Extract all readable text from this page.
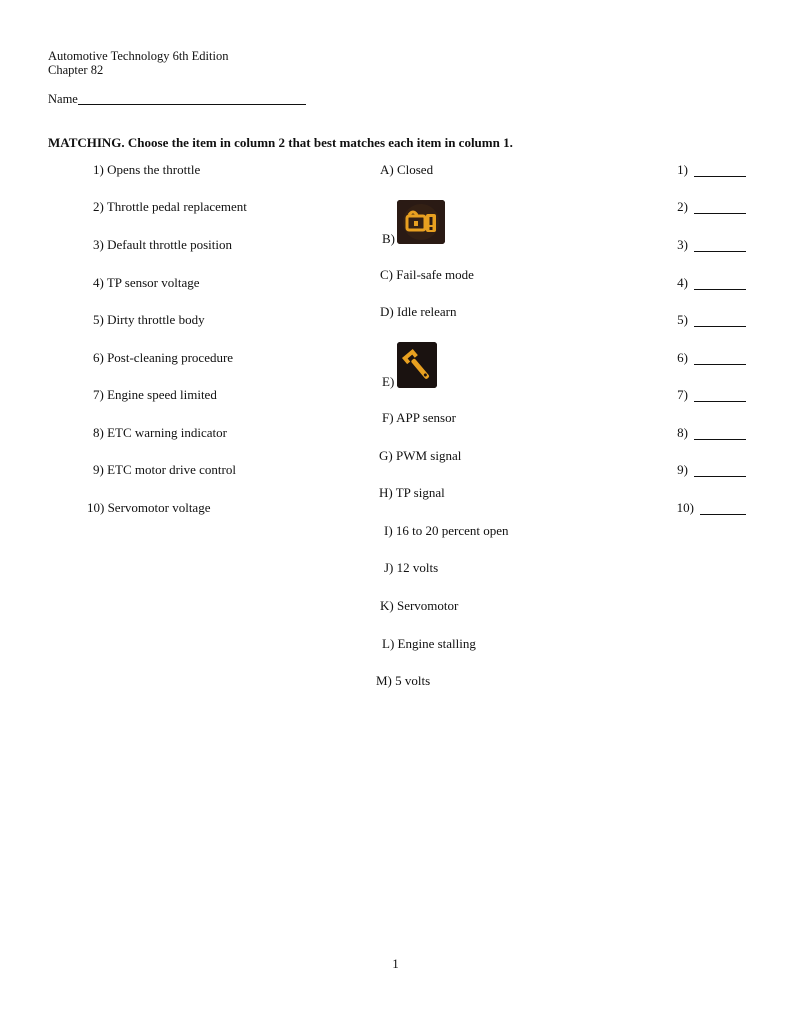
Automotive Technology 6th Edition
Chapter 82
Name
MATCHING. Choose the item in column 2 that best matches each item in column 1.
1) Opens the throttle
2) Throttle pedal replacement
3) Default throttle position
4) TP sensor voltage
5) Dirty throttle body
6) Post-cleaning procedure
7) Engine speed limited
8) ETC warning indicator
9) ETC motor drive control
10) Servomotor voltage
A) Closed
B)
C) Fail-safe mode
D) Idle relearn
E)
F) APP sensor
G) PWM signal
H) TP signal
I) 16 to 20 percent open
J) 12 volts
K) Servomotor
L) Engine stalling
M) 5 volts
1)
2)
3)
4)
5)
6)
7)
8)
9)
10)
1
